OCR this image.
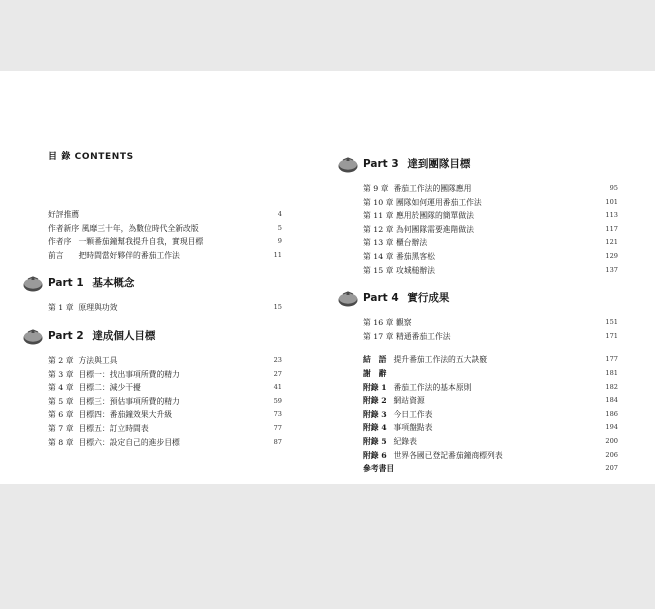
目 錄 CONTENTS
好評推薦	4
作者新序 風靡三十年，為數位時代全新改版	5
作者序 一顆番茄鐘幫我提升自我，實現目標	9
前言 把時間當好夥伴的番茄工作法	11
Part 1 基本概念
第 1 章 原理與功效	15
Part 2 達成個人目標
第 2 章 方法與工具	23
第 3 章 目標一：找出事項所費的精力	27
第 4 章 目標二：減少干擾	41
第 5 章 目標三：預估事項所費的精力	59
第 6 章 目標四：番茄鐘效果大升級	73
第 7 章 目標五：訂立時間表	77
第 8 章 目標六：設定自己的進步目標	87
Part 3 達到團隊目標
第 9 章 番茄工作法的團隊應用	95
第 10 章 團隊如何運用番茄工作法	101
第 11 章 應用於團隊的簡單做法	113
第 12 章 為何團隊需要進階做法	117
第 13 章 櫃台辦法	121
第 14 章 番茄黑客松	129
第 15 章 攻城槌辦法	137
Part 4 實行成果
第 16 章 觀察	151
第 17 章 精通番茄工作法	171
結　語 提升番茄工作法的五大訣竅	177
謝　辭	181
附錄 1 番茄工作法的基本原則	182
附錄 2 網站資源	184
附錄 3 今日工作表	186
附錄 4 事項盤點表	194
附錄 5 紀錄表	200
附錄 6 世界各國已登記番茄鐘商標列表	206
參考書目	207
